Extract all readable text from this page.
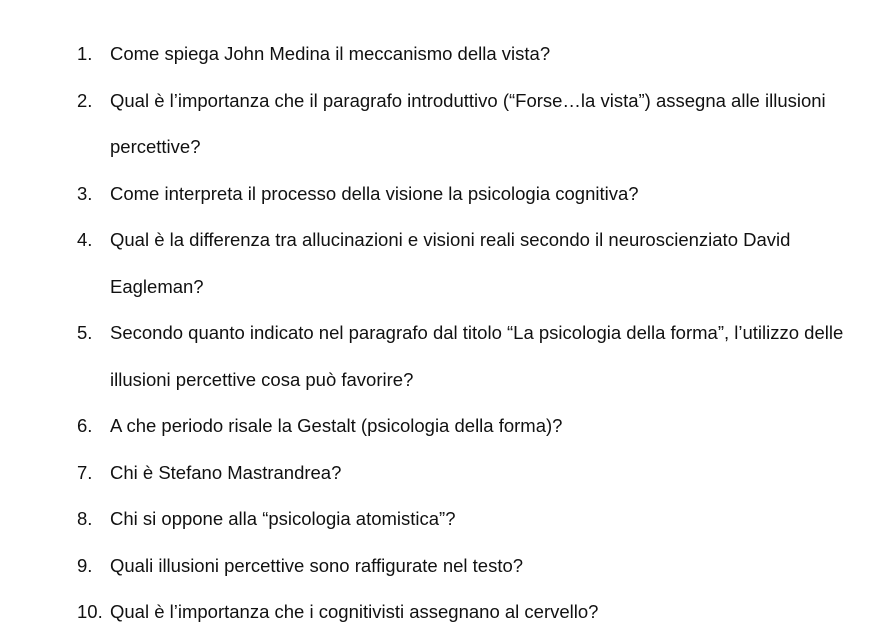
1. Come spiega John Medina il meccanismo della vista?
2. Qual è l’importanza che il paragrafo introduttivo (“Forse…la vista”) assegna alle illusioni percettive?
3. Come interpreta il processo della visione la psicologia cognitiva?
4. Qual è la differenza tra allucinazioni e visioni reali secondo il neuroscienziato David Eagleman?
5. Secondo quanto indicato nel paragrafo dal titolo “La psicologia della forma”, l’utilizzo delle illusioni percettive cosa può favorire?
6. A che periodo risale la Gestalt (psicologia della forma)?
7. Chi è Stefano Mastrandrea?
8. Chi si oppone alla “psicologia atomistica”?
9. Quali illusioni percettive sono raffigurate nel testo?
10. Qual è l’importanza che i cognitivisti assegnano al cervello?
